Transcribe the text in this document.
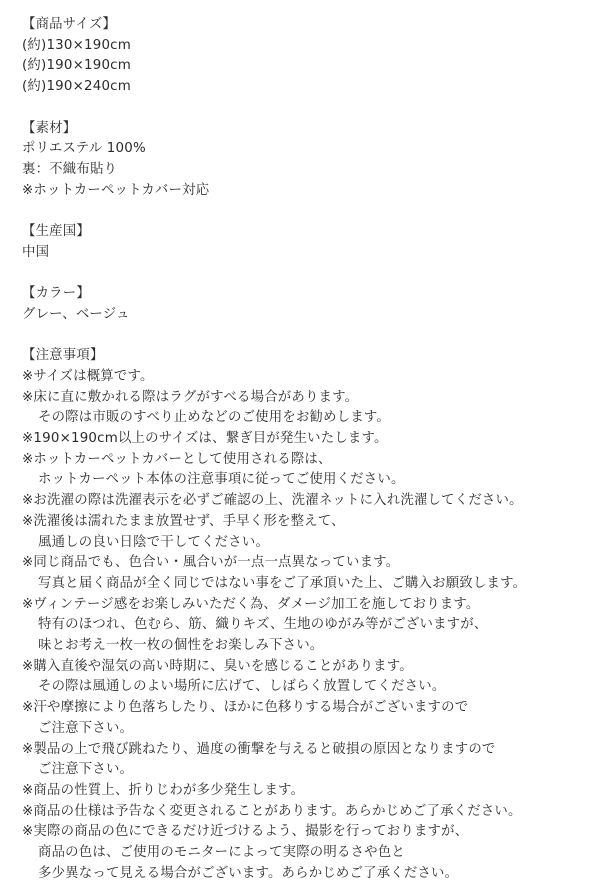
【商品サイズ】
(約)130×190cm
(約)190×190cm
(約)190×240cm
【素材】
ポリエステル 100%
裏：不織布貼り
※ホットカーペットカバー対応
【生産国】
中国
【カラー】
グレー、ベージュ
【注意事項】
※サイズは概算です。
※床に直に敷かれる際はラグがすべる場合があります。
その際は市販のすべり止めなどのご使用をお勧めします。
※190×190cm以上のサイズは、繋ぎ目が発生いたします。
※ホットカーペットカバーとして使用される際は、
ホットカーペット本体の注意事項に従ってご使用ください。
※お洗濯の際は洗濯表示を必ずご確認の上、洗濯ネットに入れ洗濯してください。
※洗濯後は濡れたまま放置せず、手早く形を整えて、
風通しの良い日陰で干してください。
※同じ商品でも、色合い・風合いが一点一点異なっています。
写真と届く商品が全く同じではない事をご了承頂いた上、ご購入お願致します。
※ヴィンテージ感をお楽しみいただく為、ダメージ加工を施しております。
特有のほつれ、色むら、筋、織りキズ、生地のゆがみ等がございますが、
味とお考え一枚一枚の個性をお楽しみ下さい。
※購入直後や湿気の高い時期に、臭いを感じることがあります。
その際は風通しのよい場所に広げて、しばらく放置してください。
※汗や摩擦により色落ちしたり、ほかに色移りする場合がございますので
ご注意下さい。
※製品の上で飛び跳ねたり、過度の衝撃を与えると破損の原因となりますので
ご注意下さい。
※商品の性質上、折りじわが多少発生します。
※商品の仕様は予告なく変更されることがあります。あらかじめご了承ください。
※実際の商品の色にできるだけ近づけるよう、撮影を行っておりますが、
商品の色は、ご使用のモニターによって実際の明るさや色と
多少異なって見える場合がございます。あらかじめご了承ください。
